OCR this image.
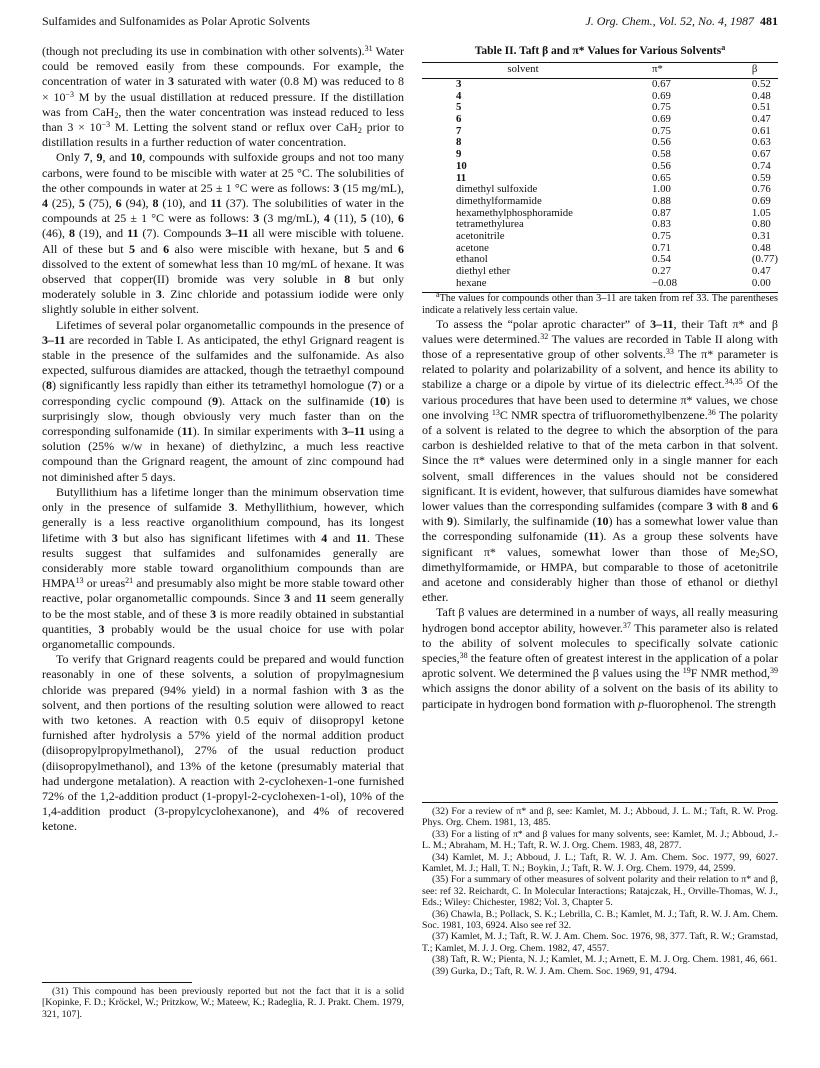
Sulfamides and Sulfonamides as Polar Aprotic Solvents	J. Org. Chem., Vol. 52, No. 4, 1987 481

(though not precluding its use in combination with other solvents).$^{31}$ Water could be removed easily from these compounds. For example, the concentration of water in 3 saturated with water (0.8 M) was reduced to $8 \times 10^{-3}$ M by the usual distillation at reduced pressure. If the distillation was from CaH$_2$, then the water concentration was instead reduced to less than $3 \times 10^{-3}$ M. Letting the solvent stand or reflux over CaH$_2$ prior to distillation results in a further reduction of water concentration.

Only 7, 9, and 10, compounds with sulfoxide groups and not too many carbons, were found to be miscible with water at 25 °C. The solubilities of the other compounds in water at 25 ± 1 °C were as follows: 3 (15 mg/mL), 4 (25), 5 (75), 6 (94), 8 (10), and 11 (37). The solubilities of water in the compounds at 25 ± 1 °C were as follows: 3 (3 mg/mL), 4 (11), 5 (10), 6 (46), 8 (19), and 11 (7). Compounds 3–11 all were miscible with toluene. All of these but 5 and 6 also were miscible with hexane, but 5 and 6 dissolved to the extent of somewhat less than 10 mg/mL of hexane. It was observed that copper(II) bromide was very soluble in 8 but only moderately soluble in 3. Zinc chloride and potassium iodide were only slightly soluble in either solvent.

Lifetimes of several polar organometallic compounds in the presence of 3–11 are recorded in Table I. As anticipated, the ethyl Grignard reagent is stable in the presence of the sulfamides and the sulfonamide. As also expected, sulfurous diamides are attacked, though the tetraethyl compound (8) significantly less rapidly than either its tetramethyl homologue (7) or a corresponding cyclic compound (9). Attack on the sulfinamide (10) is surprisingly slow, though obviously very much faster than on the corresponding sulfonamide (11). In similar experiments with 3–11 using a solution (25% w/w in hexane) of diethylzinc, a much less reactive compound than the Grignard reagent, the amount of zinc compound had not diminished after 5 days.

Butyllithium has a lifetime longer than the minimum observation time only in the presence of sulfamide 3. Methyllithium, however, which generally is a less reactive organolithium compound, has its longest lifetime with 3 but also has significant lifetimes with 4 and 11. These results suggest that sulfamides and sulfonamides generally are considerably more stable toward organolithium compounds than are HMPA$^{13}$ or ureas$^{21}$ and presumably also might be more stable toward other reactive, polar organometallic compounds. Since 3 and 11 seem generally to be the most stable, and of these 3 is more readily obtained in substantial quantities, 3 probably would be the usual choice for use with polar organometallic compounds.

To verify that Grignard reagents could be prepared and would function reasonably in one of these solvents, a solution of propylmagnesium chloride was prepared (94% yield) in a normal fashion with 3 as the solvent, and then portions of the resulting solution were allowed to react with two ketones. A reaction with 0.5 equiv of diisopropyl ketone furnished after hydrolysis a 57% yield of the normal addition product (diisopropylpropylmethanol), 27% of the usual reduction product (diisopropylmethanol), and 13% of the ketone (presumably material that had undergone metalation). A reaction with 2-cyclohexen-1-one furnished 72% of the 1,2-addition product (1-propyl-2-cyclohexen-1-ol), 10% of the 1,4-addition product (3-propylcyclohexanone), and 4% of recovered ketone.

(31) This compound has been previously reported but not the fact that it is a solid [Kopinke, F. D.; Kröckel, W.; Pritzkow, W.; Mateew, K.; Radeglia, R. J. Prakt. Chem. 1979, 321, 107].

Table II. Taft β and π* Values for Various Solvents$^a$
solvent	π*	β
3	0.67	0.52
4	0.69	0.48
5	0.75	0.51
6	0.69	0.47
7	0.75	0.61
8	0.56	0.63
9	0.58	0.67
10	0.56	0.74
11	0.65	0.59
dimethyl sulfoxide	1.00	0.76
dimethylformamide	0.88	0.69
hexamethylphosphoramide	0.87	1.05
tetramethylurea	0.83	0.80
acetonitrile	0.75	0.31
acetone	0.71	0.48
ethanol	0.54	(0.77)
diethyl ether	0.27	0.47
hexane	−0.08	0.00

$^a$The values for compounds other than 3–11 are taken from ref 33. The parentheses indicate a relatively less certain value.

To assess the “polar aprotic character” of 3–11, their Taft π* and β values were determined.$^{32}$ The values are recorded in Table II along with those of a representative group of other solvents.$^{33}$ The π* parameter is related to polarity and polarizability of a solvent, and hence its ability to stabilize a charge or a dipole by virtue of its dielectric effect.$^{34,35}$ Of the various procedures that have been used to determine π* values, we chose one involving $^{13}$C NMR spectra of trifluoromethylbenzene.$^{36}$ The polarity of a solvent is related to the degree to which the absorption of the para carbon is deshielded relative to that of the meta carbon in that solvent. Since the π* values were determined only in a single manner for each solvent, small differences in the values should not be considered significant. It is evident, however, that sulfurous diamides have somewhat lower values than the corresponding sulfamides (compare 3 with 8 and 6 with 9). Similarly, the sulfinamide (10) has a somewhat lower value than the corresponding sulfonamide (11). As a group these solvents have significant π* values, somewhat lower than those of $Me_2SO$, dimethylformamide, or HMPA, but comparable to those of acetonitrile and acetone and considerably higher than those of ethanol or diethyl ether.

Taft β values are determined in a number of ways, all really measuring hydrogen bond acceptor ability, however.$^{37}$ This parameter also is related to the ability of solvent molecules to specifically solvate cationic species,$^{38}$ the feature often of greatest interest in the application of a polar aprotic solvent. We determined the β values using the $^{19}$F NMR method,$^{39}$ which assigns the donor ability of a solvent on the basis of its ability to participate in hydrogen bond formation with p-fluorophenol. The strength

(32) For a review of π* and β, see: Kamlet, M. J.; Abboud, J. L. M.; Taft, R. W. Prog. Phys. Org. Chem. 1981, 13, 485.

(33) For a listing of π* and β values for many solvents, see: Kamlet, M. J.; Abboud, J.-L. M.; Abraham, M. H.; Taft, R. W. J. Org. Chem. 1983, 48, 2877.

(34) Kamlet, M. J.; Abboud, J. L.; Taft, R. W. J. Am. Chem. Soc. 1977, 99, 6027. Kamlet, M. J.; Hall, T. N.; Boykin, J.; Taft, R. W. J. Org. Chem. 1979, 44, 2599.

(35) For a summary of other measures of solvent polarity and their relation to π* and β, see: ref 32. Reichardt, C. In Molecular Interactions; Ratajczak, H., Orville-Thomas, W. J., Eds.; Wiley: Chichester, 1982; Vol. 3, Chapter 5.

(36) Chawla, B.; Pollack, S. K.; Lebrilla, C. B.; Kamlet, M. J.; Taft, R. W. J. Am. Chem. Soc. 1981, 103, 6924. Also see ref 32.

(37) Kamlet, M. J.; Taft, R. W. J. Am. Chem. Soc. 1976, 98, 377. Taft, R. W.; Gramstad, T.; Kamlet, M. J. J. Org. Chem. 1982, 47, 4557.

(38) Taft, R. W.; Pienta, N. J.; Kamlet, M. J.; Arnett, E. M. J. Org. Chem. 1981, 46, 661.

(39) Gurka, D.; Taft, R. W. J. Am. Chem. Soc. 1969, 91, 4794.
